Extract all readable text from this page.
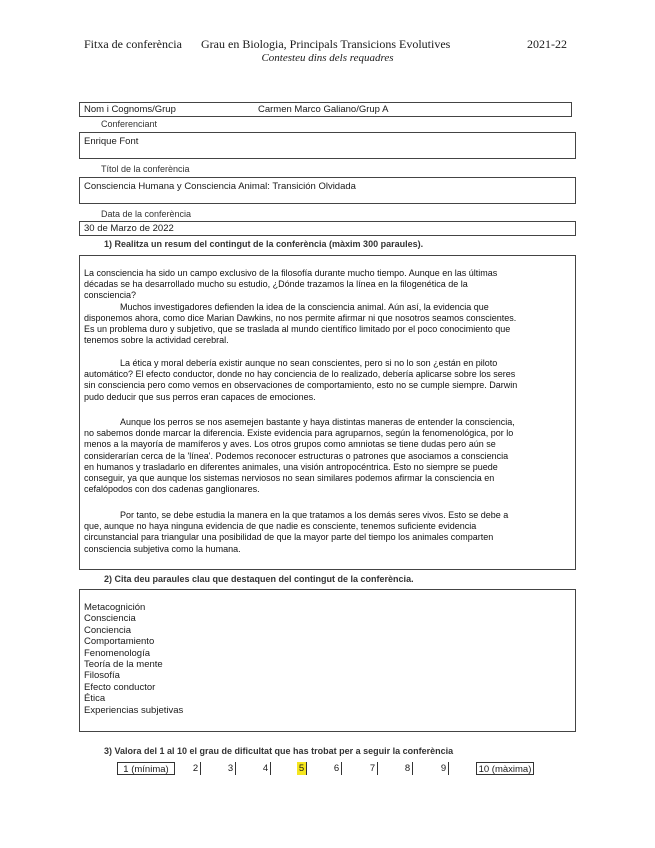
Fitxa de conferència Grau en Biologia, Principals Transicions Evolutives	2021-22
Contesteu dins dels requadres
Nom i Cognoms/Grup	Carmen Marco Galiano/Grup A
Conferenciant
Enrique Font
Títol de la conferència
Consciencia Humana y Consciencia Animal: Transición Olvidada
Data de la conferència
30 de Marzo de 2022
1) Realitza un resum del contingut de la conferència (màxim 300 paraules).
La consciencia ha sido un campo exclusivo de la filosofía durante mucho tiempo. Aunque en las últimas
décadas se ha desarrollado mucho su estudio, ¿Dónde trazamos la línea en la filogenética de la
consciencia?
Muchos investigadores defienden la idea de la consciencia animal. Aún así, la evidencia que
disponemos ahora, como dice Marian Dawkins, no nos permite afirmar ni que nosotros seamos conscientes.
Es un problema duro y subjetivo, que se traslada al mundo científico limitado por el poco conocimiento que
tenemos sobre la actividad cerebral.
La ética y moral debería existir aunque no sean conscientes, pero si no lo son ¿están en piloto
automático? El efecto conductor, donde no hay conciencia de lo realizado, debería aplicarse sobre los seres
sin consciencia pero como vemos en observaciones de comportamiento, esto no se cumple siempre. Darwin
pudo deducir que sus perros eran capaces de emociones.
Aunque los perros se nos asemejen bastante y haya distintas maneras de entender la consciencia,
no sabemos donde marcar la diferencia. Existe evidencia para agruparnos, según la fenomenológica, por lo
menos a la mayoría de mamíferos y aves. Los otros grupos como amniotas se tiene dudas pero aún se
considerarían cerca de la 'línea'. Podemos reconocer estructuras o patrones que asociamos a consciencia
en humanos y trasladarlo en diferentes animales, una visión antropocéntrica. Esto no siempre se puede
conseguir, ya que aunque los sistemas nerviosos no sean similares podemos afirmar la consciencia en
cefalópodos con dos cadenas ganglionares.
Por tanto, se debe estudia la manera en la que tratamos a los demás seres vivos. Esto se debe a
que, aunque no haya ninguna evidencia de que nadie es consciente, tenemos suficiente evidencia
circunstancial para triangular una posibilidad de que la mayor parte del tiempo los animales comparten
consciencia subjetiva como la humana.
2) Cita deu paraules clau que destaquen del contingut de la conferència.
Metacognición
Consciencia
Conciencia
Comportamiento
Fenomenología
Teoría de la mente
Filosofía
Efecto conductor
Ética
Experiencias subjetivas
3) Valora del 1 al 10 el grau de dificultat que has trobat per a seguir la conferència
1 (mínima)	2	3	4	5	6	7	8	9	10 (màxima)
